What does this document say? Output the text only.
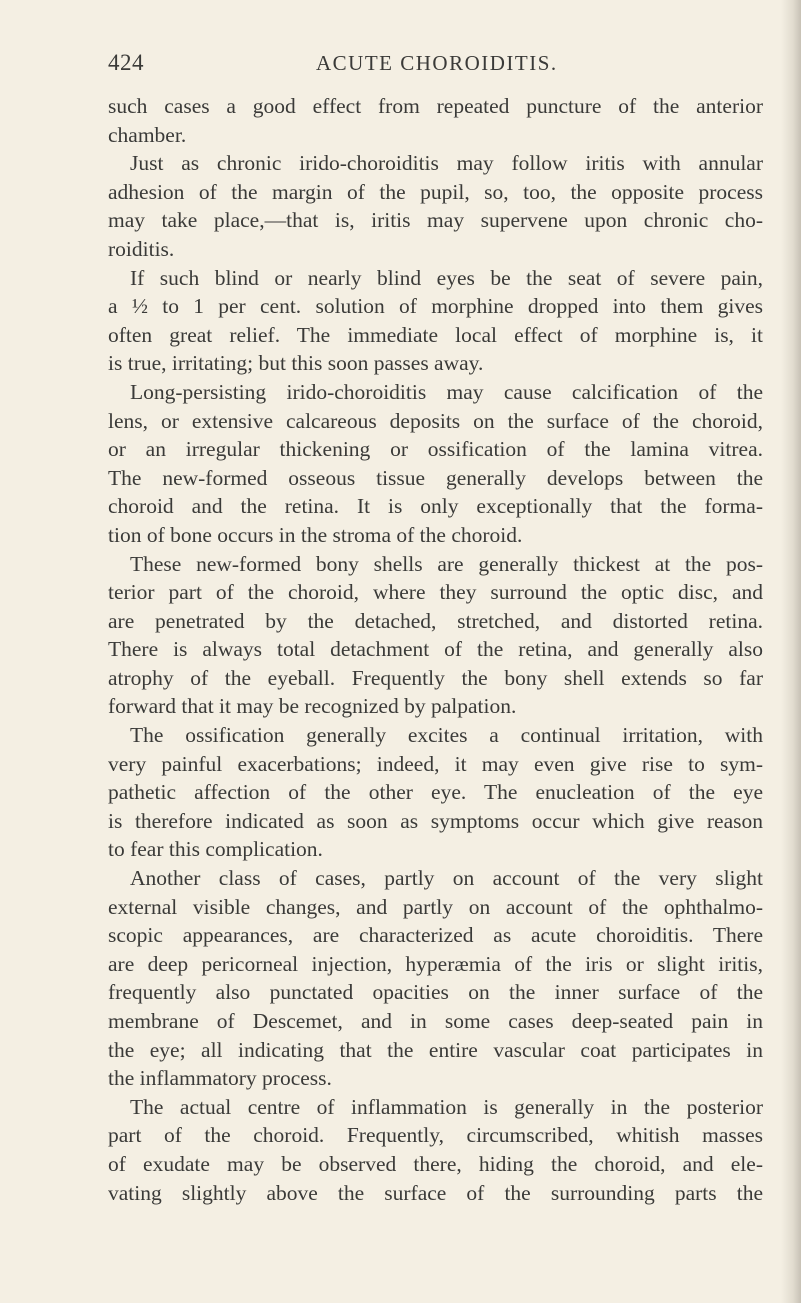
424	ACUTE CHOROIDITIS.
such cases a good effect from repeated puncture of the anterior
chamber.
Just as chronic irido-choroiditis may follow iritis with annular
adhesion of the margin of the pupil, so, too, the opposite process
may take place,—that is, iritis may supervene upon chronic cho-
roiditis.
If such blind or nearly blind eyes be the seat of severe pain,
a ½ to 1 per cent. solution of morphine dropped into them gives
often great relief. The immediate local effect of morphine is, it
is true, irritating; but this soon passes away.
Long-persisting irido-choroiditis may cause calcification of the
lens, or extensive calcareous deposits on the surface of the choroid,
or an irregular thickening or ossification of the lamina vitrea.
The new-formed osseous tissue generally develops between the
choroid and the retina. It is only exceptionally that the forma-
tion of bone occurs in the stroma of the choroid.
These new-formed bony shells are generally thickest at the pos-
terior part of the choroid, where they surround the optic disc, and
are penetrated by the detached, stretched, and distorted retina.
There is always total detachment of the retina, and generally also
atrophy of the eyeball. Frequently the bony shell extends so far
forward that it may be recognized by palpation.
The ossification generally excites a continual irritation, with
very painful exacerbations; indeed, it may even give rise to sym-
pathetic affection of the other eye. The enucleation of the eye
is therefore indicated as soon as symptoms occur which give reason
to fear this complication.
Another class of cases, partly on account of the very slight
external visible changes, and partly on account of the ophthalmo-
scopic appearances, are characterized as acute choroiditis. There
are deep pericorneal injection, hyperæmia of the iris or slight iritis,
frequently also punctated opacities on the inner surface of the
membrane of Descemet, and in some cases deep-seated pain in
the eye; all indicating that the entire vascular coat participates in
the inflammatory process.
The actual centre of inflammation is generally in the posterior
part of the choroid. Frequently, circumscribed, whitish masses
of exudate may be observed there, hiding the choroid, and ele-
vating slightly above the surface of the surrounding parts the
